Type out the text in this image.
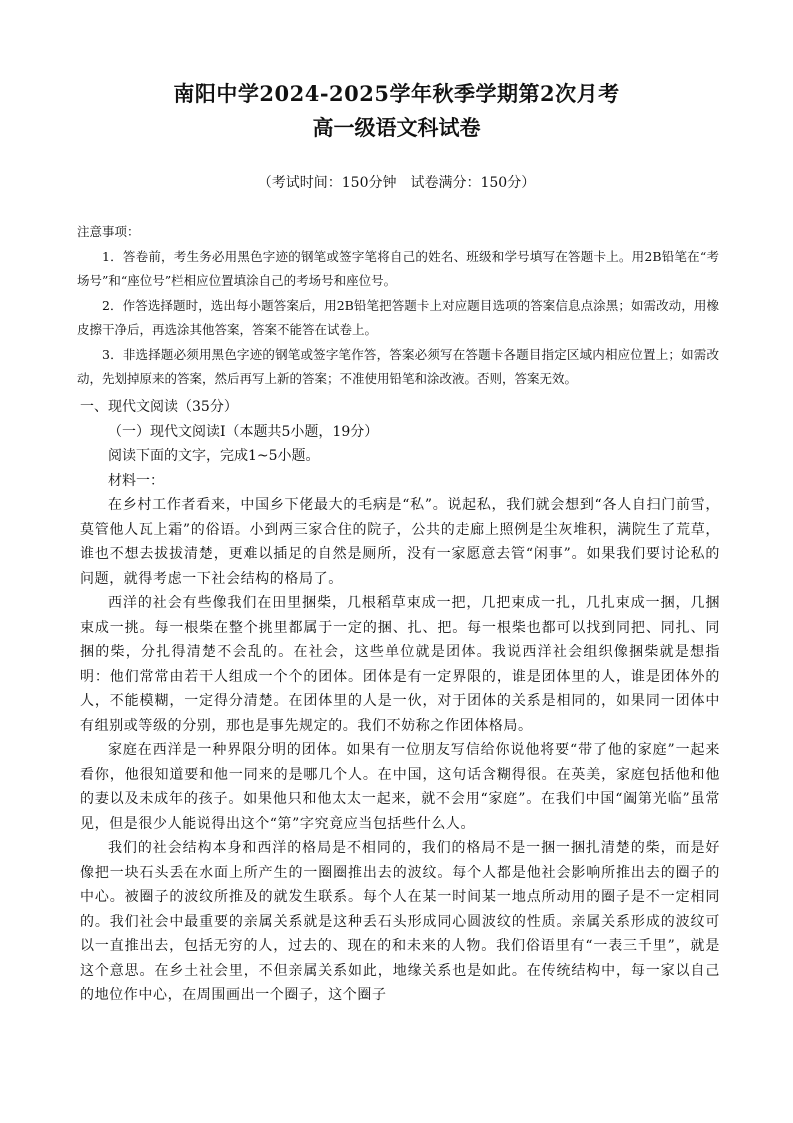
南阳中学2024-2025学年秋季学期第2次月考
高一级语文科试卷
（考试时间：150分钟　试卷满分：150分）

注意事项：

1．答卷前，考生务必用黑色字迹的钢笔或签字笔将自己的姓名、班级和学号填写在答题卡上。用2B铅笔在“考场号”和“座位号”栏相应位置填涂自己的考场号和座位号。

2．作答选择题时，选出每小题答案后，用2B铅笔把答题卡上对应题目选项的答案信息点涂黑；如需改动，用橡皮擦干净后，再选涂其他答案，答案不能答在试卷上。

3．非选择题必须用黑色字迹的钢笔或签字笔作答，答案必须写在答题卡各题目指定区域内相应位置上；如需改动，先划掉原来的答案，然后再写上新的答案；不准使用铅笔和涂改液。否则，答案无效。

一、现代文阅读（35分）

（一）现代文阅读Ⅰ（本题共5小题，19分）

阅读下面的文字，完成1~5小题。

材料一：

在乡村工作者看来，中国乡下佬最大的毛病是“私”。说起私，我们就会想到“各人自扫门前雪，莫管他人瓦上霜”的俗语。小到两三家合住的院子，公共的走廊上照例是尘灰堆积，满院生了荒草，谁也不想去拔拔清楚，更难以插足的自然是厕所，没有一家愿意去管“闲事”。如果我们要讨论私的问题，就得考虑一下社会结构的格局了。

西洋的社会有些像我们在田里捆柴，几根稻草束成一把，几把束成一扎，几扎束成一捆，几捆束成一挑。每一根柴在整个挑里都属于一定的捆、扎、把。每一根柴也都可以找到同把、同扎、同捆的柴，分扎得清楚不会乱的。在社会，这些单位就是团体。我说西洋社会组织像捆柴就是想指明：他们常常由若干人组成一个个的团体。团体是有一定界限的，谁是团体里的人，谁是团体外的人，不能模糊，一定得分清楚。在团体里的人是一伙，对于团体的关系是相同的，如果同一团体中有组别或等级的分别，那也是事先规定的。我们不妨称之作团体格局。

家庭在西洋是一种界限分明的团体。如果有一位朋友写信给你说他将要“带了他的家庭”一起来看你，他很知道要和他一同来的是哪几个人。在中国，这句话含糊得很。在英美，家庭包括他和他的妻以及未成年的孩子。如果他只和他太太一起来，就不会用“家庭”。在我们中国“阖第光临”虽常见，但是很少人能说得出这个“第”字究竟应当包括些什么人。

我们的社会结构本身和西洋的格局是不相同的，我们的格局不是一捆一捆扎清楚的柴，而是好像把一块石头丢在水面上所产生的一圈圈推出去的波纹。每个人都是他社会影响所推出去的圈子的中心。被圈子的波纹所推及的就发生联系。每个人在某一时间某一地点所动用的圈子是不一定相同的。我们社会中最重要的亲属关系就是这种丢石头形成同心圆波纹的性质。亲属关系形成的波纹可以一直推出去，包括无穷的人，过去的、现在的和未来的人物。我们俗语里有“一表三千里”，就是这个意思。在乡土社会里，不但亲属关系如此，地缘关系也是如此。在传统结构中，每一家以自己的地位作中心，在周围画出一个圈子，这个圈子
